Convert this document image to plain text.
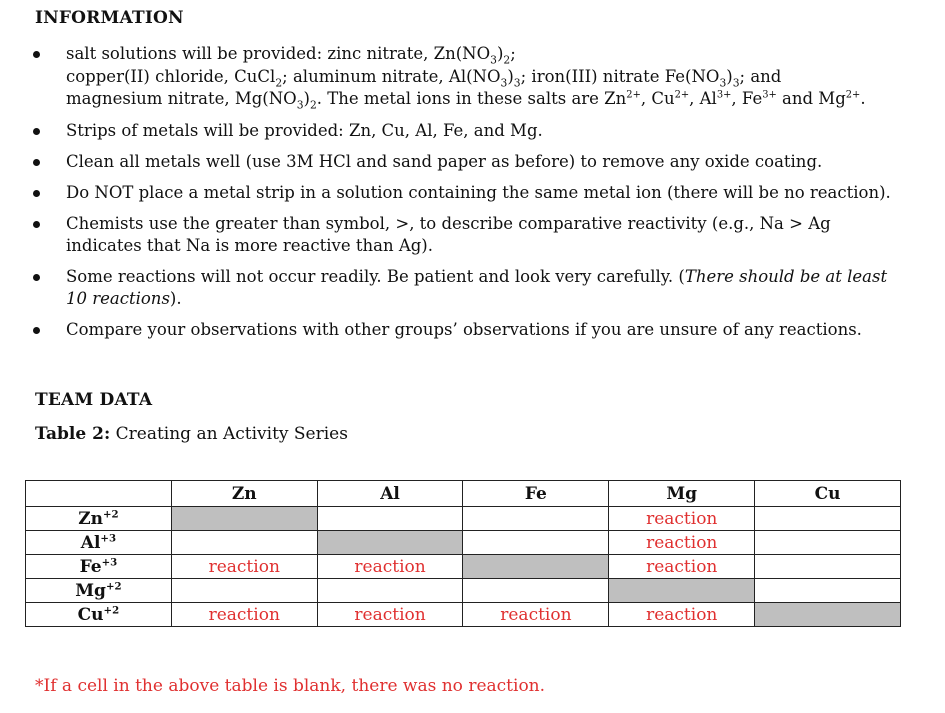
INFORMATION
salt solutions will be provided: zinc nitrate, $Zn(NO_3)_2$;
copper(II) chloride, CuCl$_2$; aluminum nitrate, $Al(NO_3)_3$; iron(III) nitrate $Fe(NO_3)_3$; and
magnesium nitrate, $Mg(NO_3)_2$. The metal ions in these salts are $Zn^{2+}$, $Cu^{2+}$, $Al^{3+}$, $Fe^{3+}$ and $Mg^{2+}$.
Strips of metals will be provided: Zn, Cu, Al, Fe, and Mg.
Clean all metals well (use 3M HCl and sand paper as before) to remove any oxide coating.
Do NOT place a metal strip in a solution containing the same metal ion (there will be no reaction).
Chemists use the greater than symbol, >, to describe comparative reactivity (e.g., Na > Ag indicates that Na is more reactive than Ag).
Some reactions will not occur readily. Be patient and look very carefully. (There should be at least 10 reactions).
Compare your observations with other groups’ observations if you are unsure of any reactions.
TEAM DATA
Table 2: Creating an Activity Series
	Zn	Al	Fe	Mg	Cu
$Zn^{+2}$				reaction	
$Al^{+3}$				reaction	
$Fe^{+3}$	reaction	reaction		reaction	
$Mg^{+2}$					
$Cu^{+2}$	reaction	reaction	reaction	reaction	
*If a cell in the above table is blank, there was no reaction.
